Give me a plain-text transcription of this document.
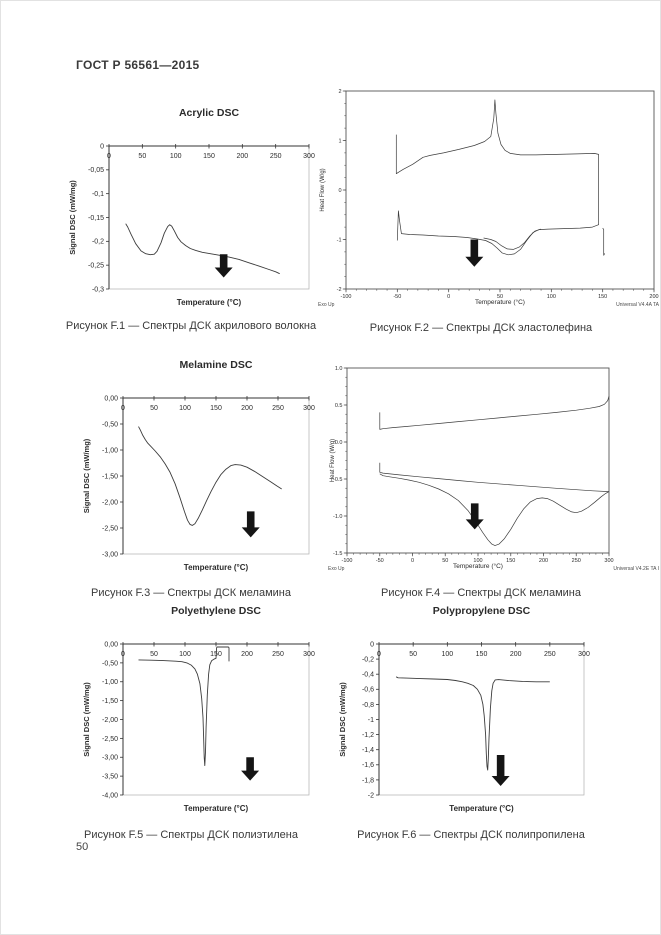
ГОСТ Р 56561—2015
Acrylic DSC
0
-0,05
-0,1
-0,15
-0,2
-0,25
-0,3
0	50	100	150	200	250	300
Temperature (°C)
Signal DSC (mW/mg)
-100	-50	0	50	100	150	200
2
1
0
-1
-2
Temperature (°C)
Heat Flow (W/g)
Exo Up	Universal V4.4A TA
Melamine DSC
0,00
-0,50
-1,00
-1,50
-2,00
-2,50
-3,00
0	50	100	150	200	250	300
Temperature (°C)
Signal DSC (mW/mg)
-100	-50	0	50	100	150	200	250	300
1.0
0.5
0.0
-0.5
-1.0
-1.5
Temperature (°C)
Heat Flow (W/g)
Exo Up	Universal V4.2E TA I
Polyethylene DSC
0,00
-0,50
-1,00
-1,50
-2,00
-2,50
-3,00
-3,50
-4,00
0	50	100	150	200	250	300
Temperature (°C)
Signal DSC (mW/mg)
Polypropylene DSC
0
-0,2
-0,4
-0,6
-0,8
-1
-1,2
-1,4
-1,6
-1,8
-2
0	50	100	150	200	250	300
Temperature (°C)
Signal DSC (mW/mg)
Рисунок F.1 — Спектры ДСК акрилового волокна	Рисунок F.2 — Спектры ДСК эластолефина
Рисунок F.3 — Спектры ДСК меламина	Рисунок F.4 — Спектры ДСК меламина
Рисунок F.5 — Спектры ДСК полиэтилена	Рисунок F.6 — Спектры ДСК полипропилена
50
